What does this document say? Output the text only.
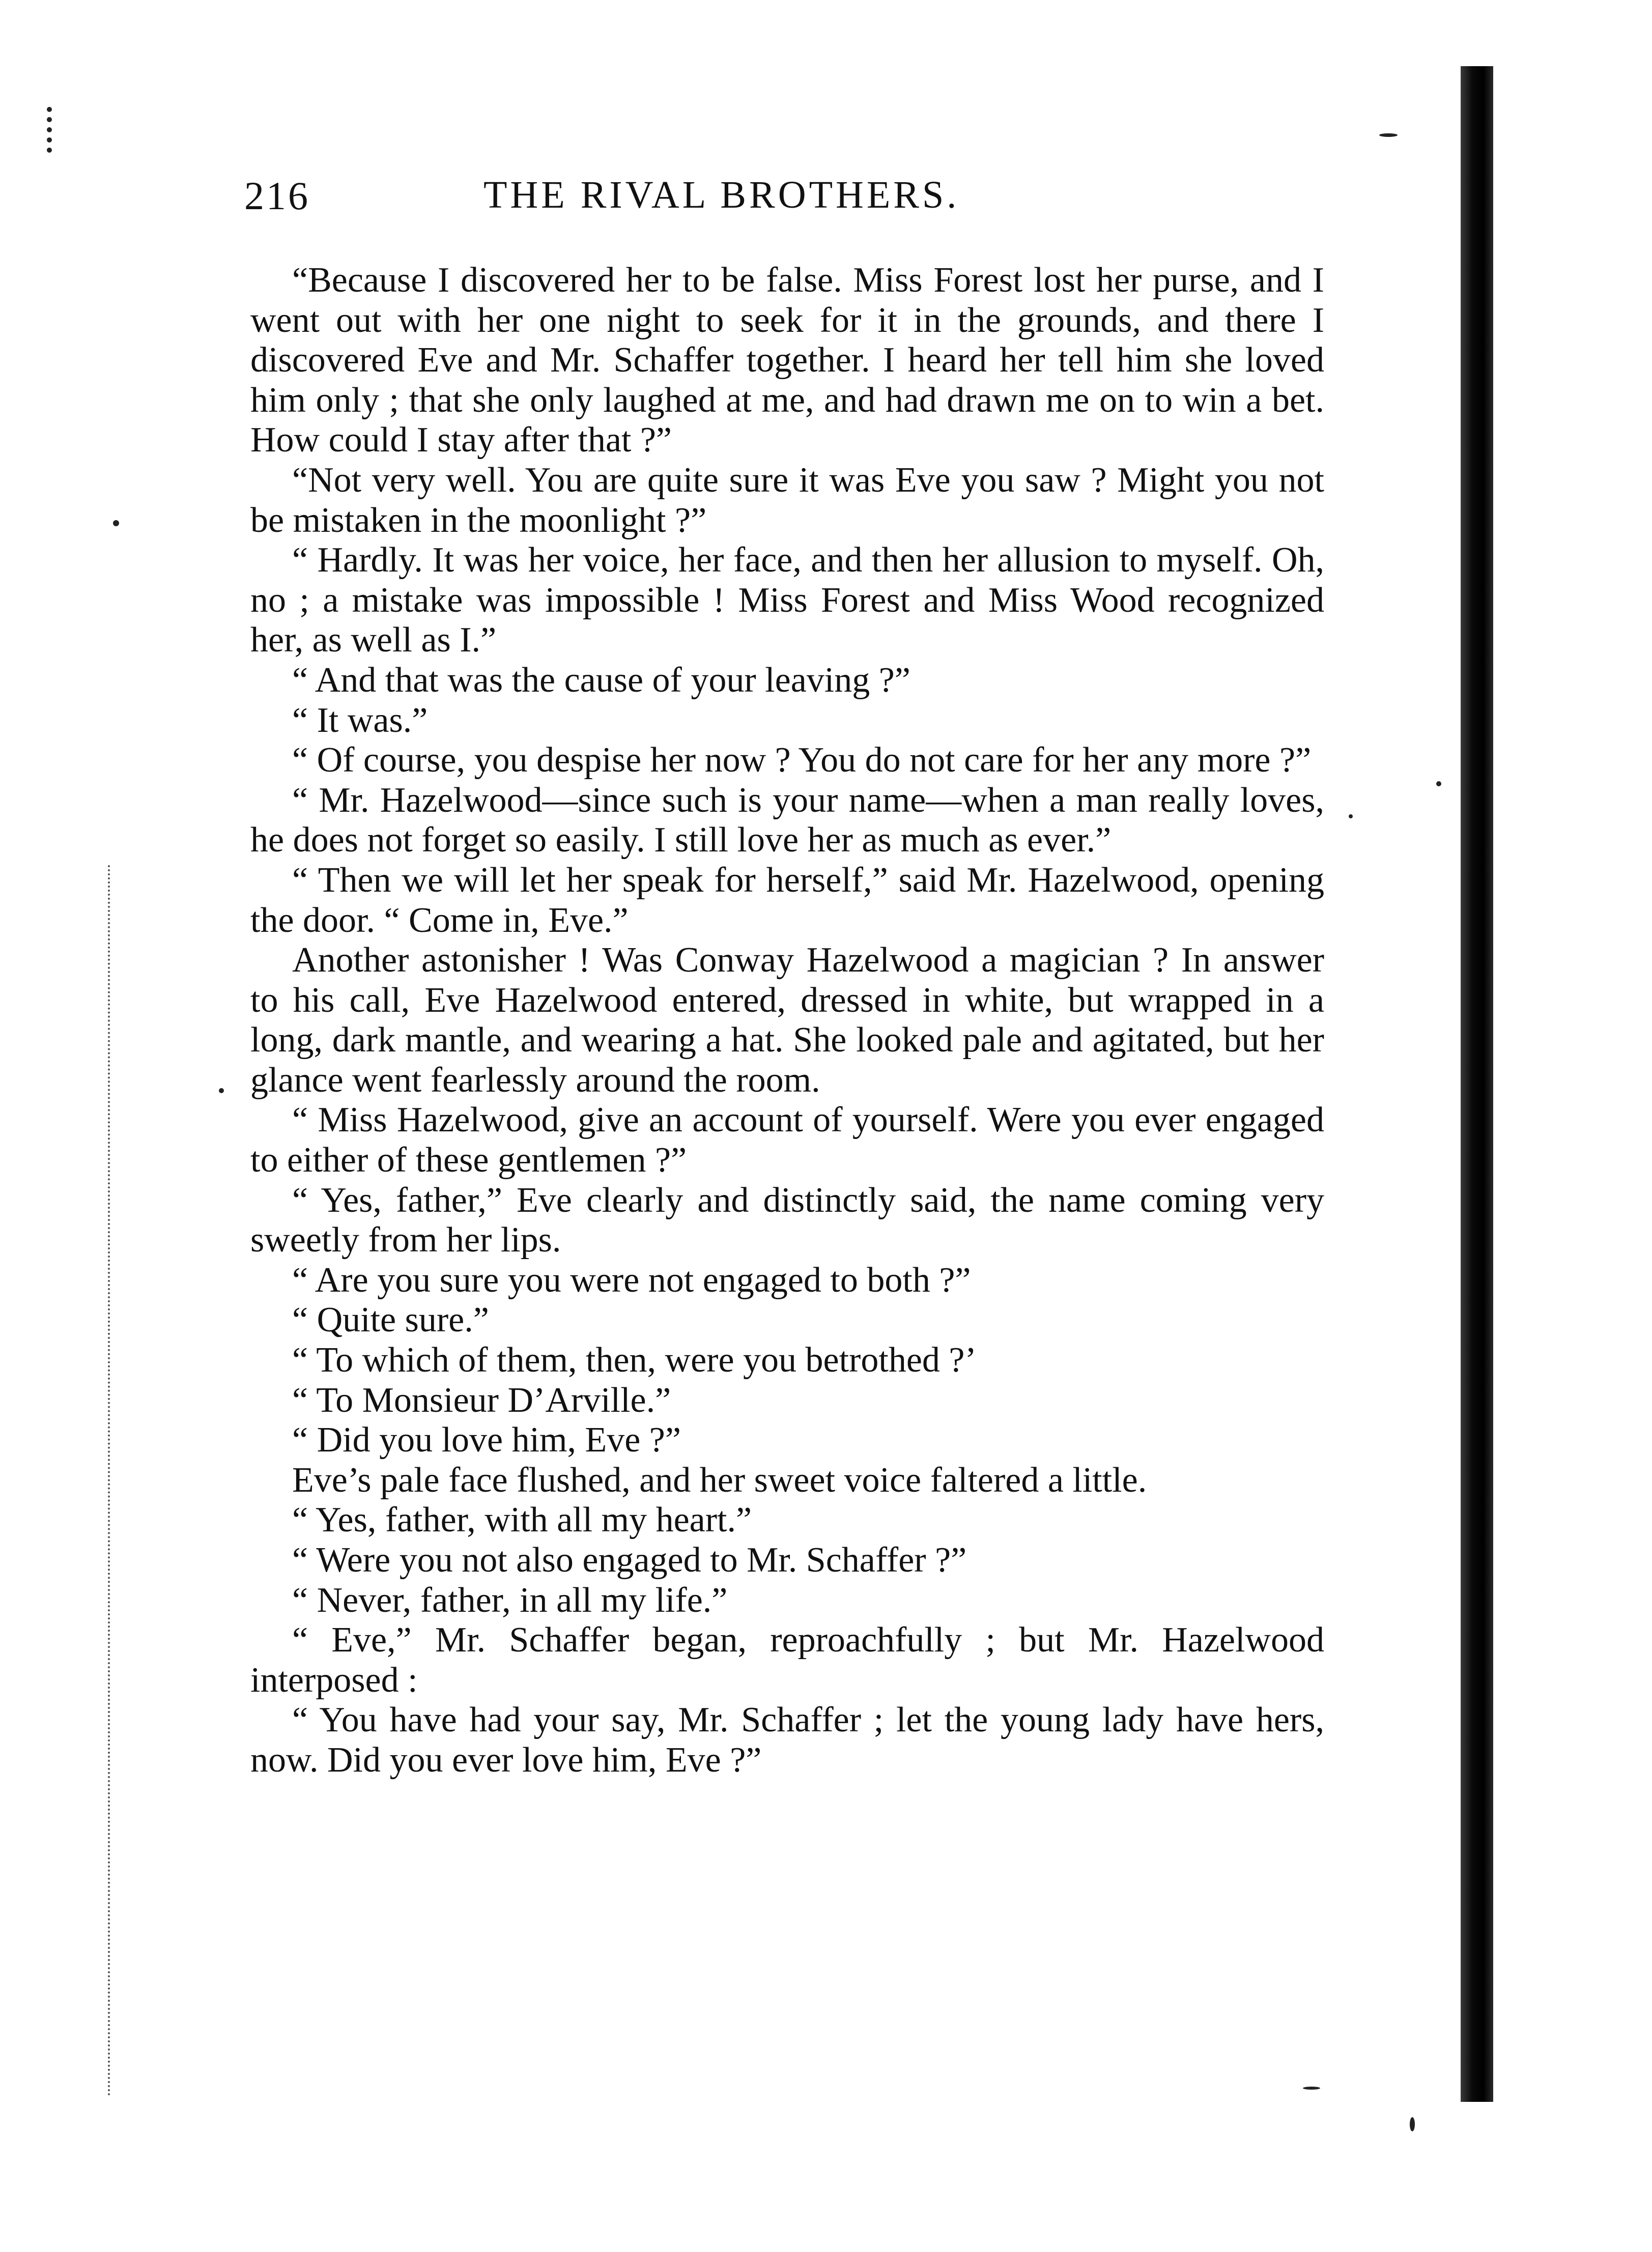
216	THE RIVAL BROTHERS.

“Because I discovered her to be false. Miss Forest lost her purse, and I went out with her one night to seek for it in the grounds, and there I discovered Eve and Mr. Schaffer together. I heard her tell him she loved him only ; that she only laughed at me, and had drawn me on to win a bet. How could I stay after that ?”

“Not very well. You are quite sure it was Eve you saw ? Might you not be mistaken in the moonlight ?”

“ Hardly. It was her voice, her face, and then her allusion to myself. Oh, no ; a mistake was impossible ! Miss Forest and Miss Wood recognized her, as well as I.”

“ And that was the cause of your leaving ?”

“ It was.”

“ Of course, you despise her now ? You do not care for her any more ?”

“ Mr. Hazelwood—since such is your name—when a man really loves, he does not forget so easily. I still love her as much as ever.”

“ Then we will let her speak for herself,” said Mr. Hazelwood, opening the door. “ Come in, Eve.”

Another astonisher ! Was Conway Hazelwood a magician ? In answer to his call, Eve Hazelwood entered, dressed in white, but wrapped in a long, dark mantle, and wearing a hat. She looked pale and agitated, but her glance went fearlessly around the room.

“ Miss Hazelwood, give an account of yourself. Were you ever engaged to either of these gentlemen ?”

“ Yes, father,” Eve clearly and distinctly said, the name coming very sweetly from her lips.

“ Are you sure you were not engaged to both ?”

“ Quite sure.”

“ To which of them, then, were you betrothed ?’

“ To Monsieur D’Arville.”

“ Did you love him, Eve ?”

Eve’s pale face flushed, and her sweet voice faltered a little.

“ Yes, father, with all my heart.”

“ Were you not also engaged to Mr. Schaffer ?”

“ Never, father, in all my life.”

“ Eve,” Mr. Schaffer began, reproachfully ; but Mr. Hazelwood interposed :

“ You have had your say, Mr. Schaffer ; let the young lady have hers, now. Did you ever love him, Eve ?”
